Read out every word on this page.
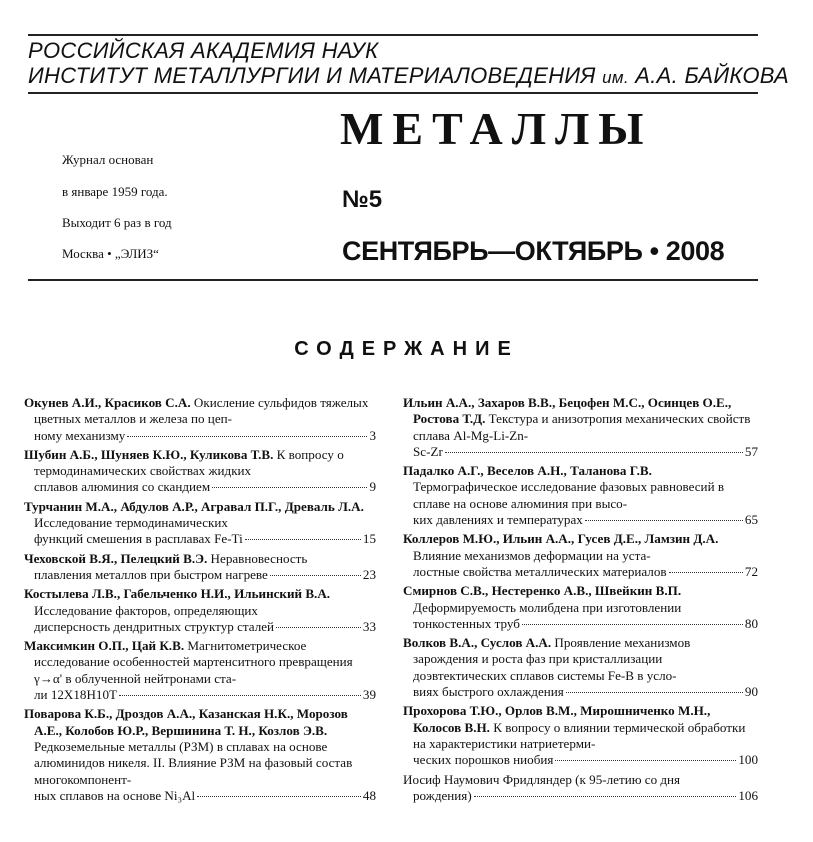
РОССИЙСКАЯ АКАДЕМИЯ НАУК
ИНСТИТУТ МЕТАЛЛУРГИИ И МАТЕРИАЛОВЕДЕНИЯ им. А.А. БАЙКОВА
МЕТАЛЛЫ
Журнал основан
в январе 1959 года.
Выходит 6 раз в год
Москва • „ЭЛИЗ“
№5
СЕНТЯБРЬ—ОКТЯБРЬ • 2008
СОДЕРЖАНИЕ
Окунев А.И., Красиков С.А. Окисление сульфидов тяжелых цветных металлов и железа по цеп-
ному механизму	3
Шубин А.Б., Шуняев К.Ю., Куликова Т.В. К вопросу о термодинамических свойствах жидких
сплавов алюминия со скандием	9
Турчанин М.А., Абдулов А.Р., Агравал П.Г., Древаль Л.А. Исследование термодинамических
функций смешения в расплавах Fe-Ti	15
Чеховской В.Я., Пелецкий В.Э. Неравновесность
плавления металлов при быстром нагреве	23
Костылева Л.В., Габельченко Н.И., Ильинский В.А. Исследование факторов, определяющих
дисперсность дендритных структур сталей	33
Максимкин О.П., Цай К.В. Магнитометрическое исследование особенностей мартенситного превращения γ→α' в облученной нейтронами ста-
ли 12Х18Н10Т	39
Поварова К.Б., Дроздов А.А., Казанская Н.К., Морозов А.Е., Колобов Ю.Р., Вершинина Т. Н., Козлов Э.В. Редкоземельные металлы (РЗМ) в сплавах на основе алюминидов никеля. II. Влияние РЗМ на фазовый состав многокомпонент-
ных сплавов на основе Ni₃Al	48
Ильин А.А., Захаров В.В., Бецофен М.С., Осинцев О.Е., Ростова Т.Д. Текстура и анизотропия механических свойств сплава Al-Mg-Li-Zn-
Sc-Zr	57
Падалко А.Г., Веселов А.Н., Таланова Г.В. Термографическое исследование фазовых равновесий в сплаве на основе алюминия при высо-
ких давлениях и температурах	65
Коллеров М.Ю., Ильин А.А., Гусев Д.Е., Ламзин Д.А. Влияние механизмов деформации на уста-
лостные свойства металлических материалов	72
Смирнов С.В., Нестеренко А.В., Швейкин В.П. Деформируемость молибдена при изготовлении
тонкостенных труб	80
Волков В.А., Суслов А.А. Проявление механизмов зарождения и роста фаз при кристаллизации доэвтектических сплавов системы Fe-B в усло-
виях быстрого охлаждения	90
Прохорова Т.Ю., Орлов В.М., Мирошниченко М.Н., Колосов В.Н. К вопросу о влиянии термической обработки на характеристики натриетерми-
ческих порошков ниобия	100
Иосиф Наумович Фридляндер (к 95-летию со дня
рождения)	106
